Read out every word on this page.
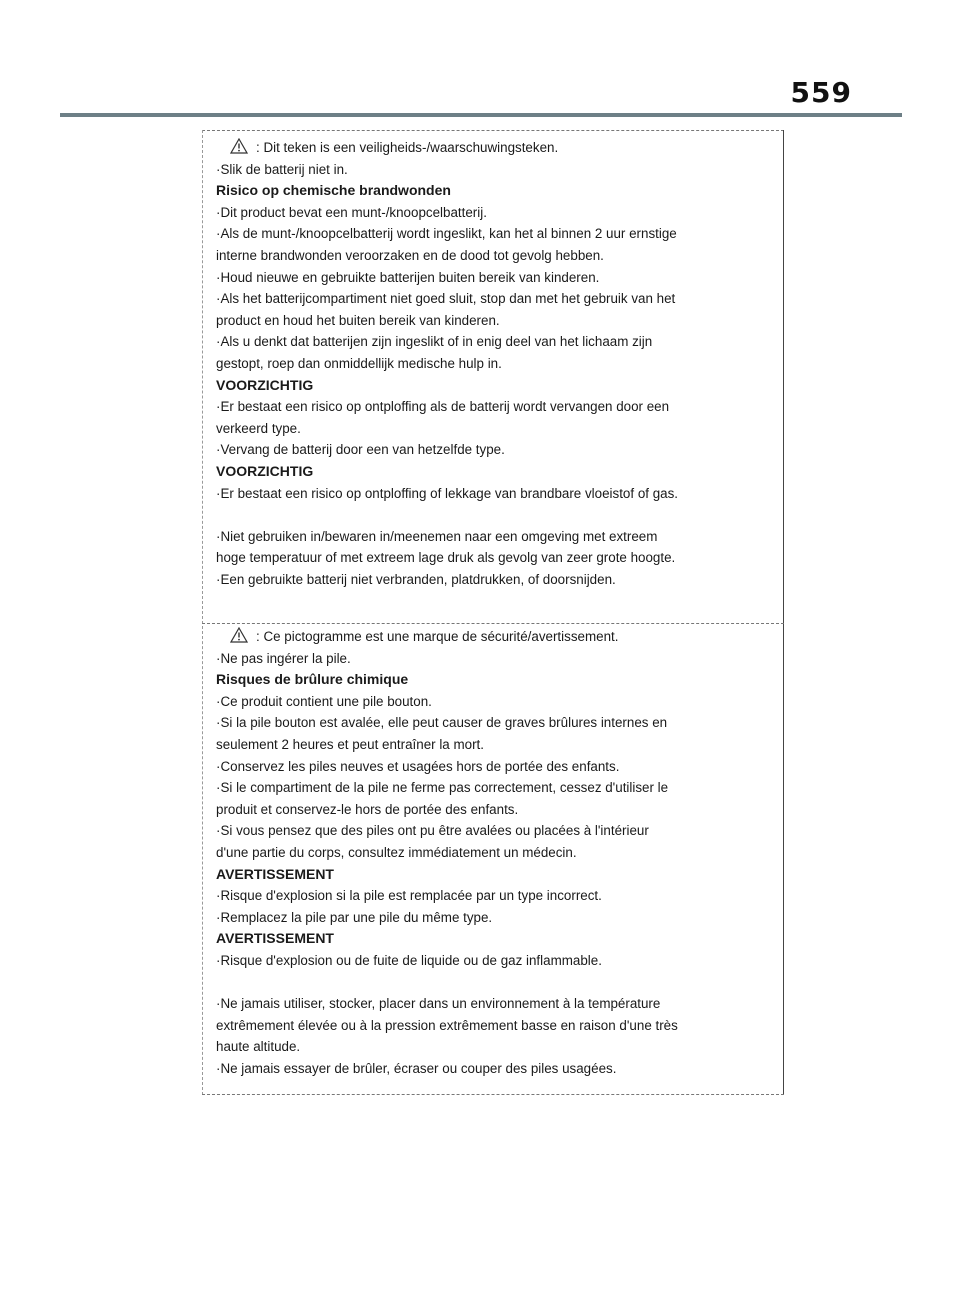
559
: Dit teken is een veiligheids-/waarschuwingsteken.
·Slik de batterij niet in.
Risico op chemische brandwonden
·Dit product bevat een munt-/knoopcelbatterij.
·Als de munt-/knoopcelbatterij wordt ingeslikt, kan het al binnen 2 uur ernstige
interne brandwonden veroorzaken en de dood tot gevolg hebben.
·Houd nieuwe en gebruikte batterijen buiten bereik van kinderen.
·Als het batterijcompartiment niet goed sluit, stop dan met het gebruik van het
product en houd het buiten bereik van kinderen.
·Als u denkt dat batterijen zijn ingeslikt of in enig deel van het lichaam zijn
gestopt, roep dan onmiddellijk medische hulp in.
VOORZICHTIG
·Er bestaat een risico op ontploffing als de batterij wordt vervangen door een
verkeerd type.
·Vervang de batterij door een van hetzelfde type.
VOORZICHTIG
·Er bestaat een risico op ontploffing of lekkage van brandbare vloeistof of gas.
·Niet gebruiken in/bewaren in/meenemen naar een omgeving met extreem
hoge temperatuur of met extreem lage druk als gevolg van zeer grote hoogte.
·Een gebruikte batterij niet verbranden, platdrukken, of doorsnijden.
: Ce pictogramme est une marque de sécurité/avertissement.
·Ne pas ingérer la pile.
Risques de brûlure chimique
·Ce produit contient une pile bouton.
·Si la pile bouton est avalée, elle peut causer de graves brûlures internes en
seulement 2 heures et peut entraîner la mort.
·Conservez les piles neuves et usagées hors de portée des enfants.
·Si le compartiment de la pile ne ferme pas correctement, cessez d'utiliser le
produit et conservez-le hors de portée des enfants.
·Si vous pensez que des piles ont pu être avalées ou placées à l'intérieur
d'une partie du corps, consultez immédiatement un médecin.
AVERTISSEMENT
·Risque d'explosion si la pile est remplacée par un type incorrect.
·Remplacez la pile par une pile du même type.
AVERTISSEMENT
·Risque d'explosion ou de fuite de liquide ou de gaz inflammable.
·Ne jamais utiliser, stocker, placer dans un environnement à la température
extrêmement élevée ou à la pression extrêmement basse en raison d'une très
haute altitude.
·Ne jamais essayer de brûler, écraser ou couper des piles usagées.
